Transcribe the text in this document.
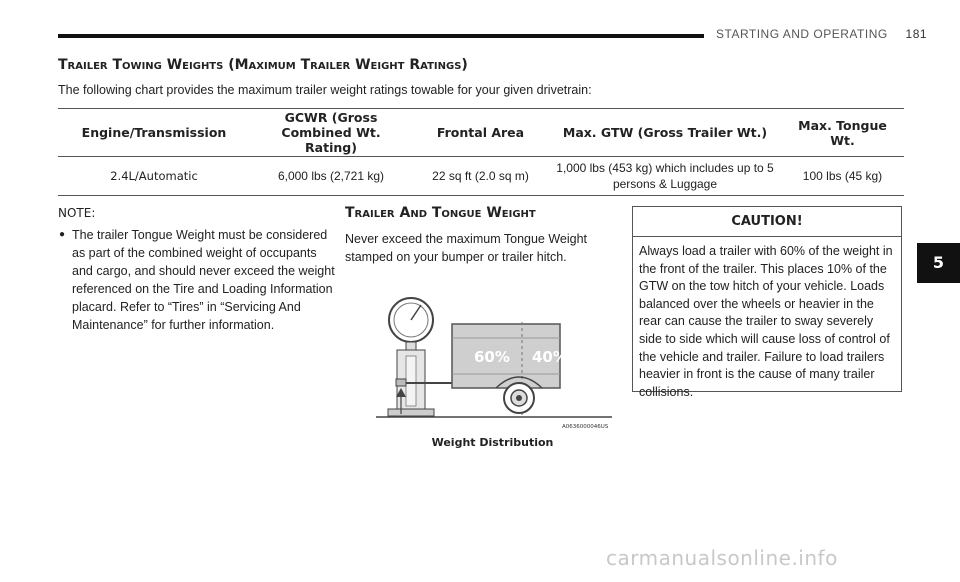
STARTING AND OPERATING 181
Trailer Towing Weights (Maximum Trailer Weight Ratings)
The following chart provides the maximum trailer weight ratings towable for your given drivetrain:
Engine/Transmission	GCWR (Gross Combined Wt. Rating)	Frontal Area	Max. GTW (Gross Trailer Wt.)	Max. Tongue Wt.
2.4L/Automatic	6,000 lbs (2,721 kg)	22 sq ft (2.0 sq m)	1,000 lbs (453 kg) which includes up to 5 persons & Luggage	100 lbs (45 kg)
NOTE:
● The trailer Tongue Weight must be considered as part of the combined weight of occupants and cargo, and should never exceed the weight referenced on the Tire and Loading Information placard. Refer to “Tires” in “Servicing And Maintenance” for further information.
Trailer And Tongue Weight
Never exceed the maximum Tongue Weight stamped on your bumper or trailer hitch.
60% 40%
A0636000046US
Weight Distribution
CAUTION!
Always load a trailer with 60% of the weight in the front of the trailer. This places 10% of the GTW on the tow hitch of your vehicle. Loads balanced over the wheels or heavier in the rear can cause the trailer to sway severely side to side which will cause loss of control of the vehicle and trailer. Failure to load trailers heavier in front is the cause of many trailer collisions.
5
carmanualsonline.info
